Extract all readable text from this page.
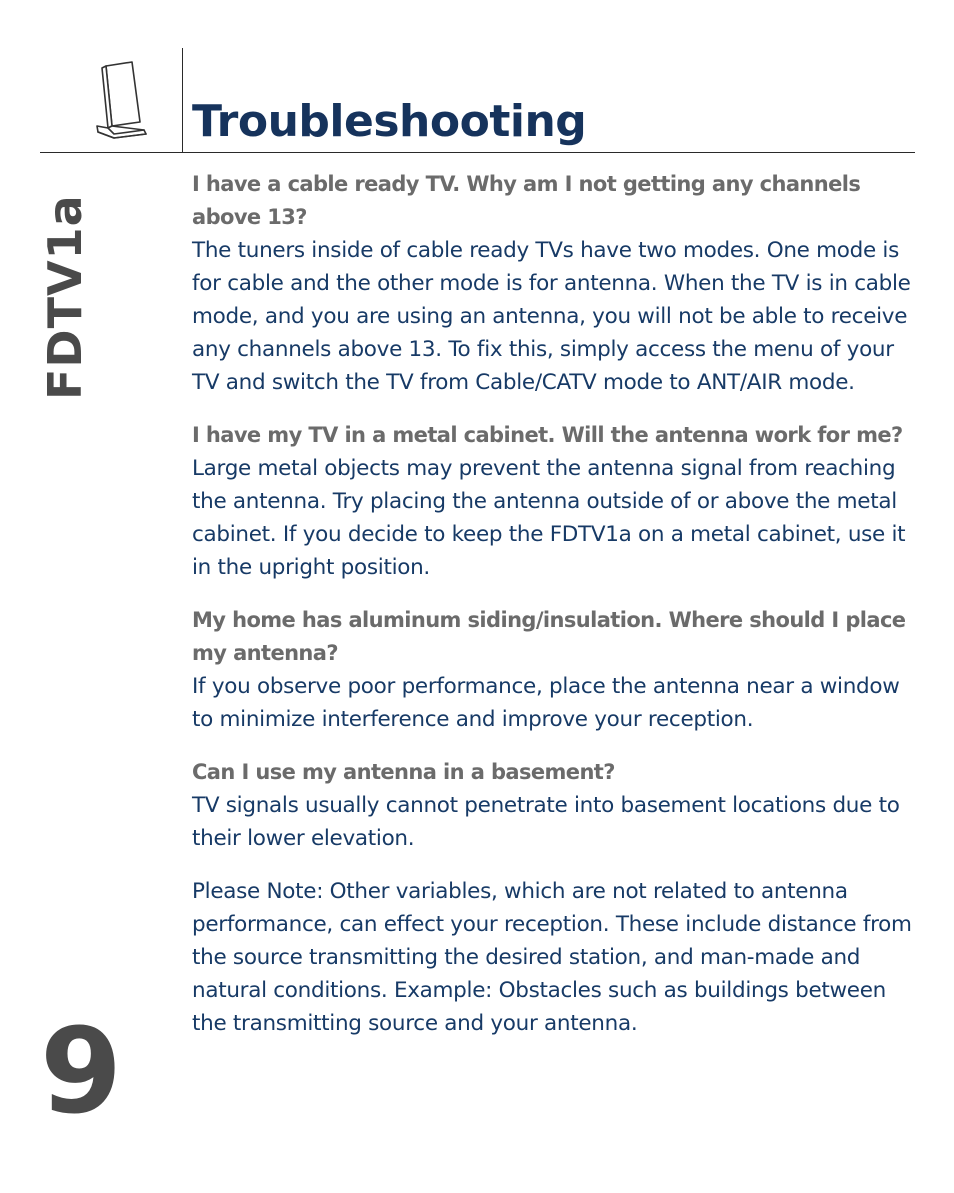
Troubleshooting
FDTV1a
9

I have a cable ready TV. Why am I not getting any channels above 13?

The tuners inside of cable ready TVs have two modes. One mode is for cable and the other mode is for antenna. When the TV is in cable mode, and you are using an antenna, you will not be able to receive any channels above 13. To fix this, simply access the menu of your TV and switch the TV from Cable/CATV mode to ANT/AIR mode.

I have my TV in a metal cabinet. Will the antenna work for me?

Large metal objects may prevent the antenna signal from reaching the antenna. Try placing the antenna outside of or above the metal cabinet. If you decide to keep the FDTV1a on a metal cabinet, use it in the upright position.

My home has aluminum siding/insulation. Where should I place my antenna?

If you observe poor performance, place the antenna near a window to minimize interference and improve your reception.

Can I use my antenna in a basement?

TV signals usually cannot penetrate into basement locations due to their lower elevation.

Please Note: Other variables, which are not related to antenna performance, can effect your reception. These include distance from the source transmitting the desired station, and man-made and natural conditions. Example: Obstacles such as buildings between the transmitting source and your antenna.
